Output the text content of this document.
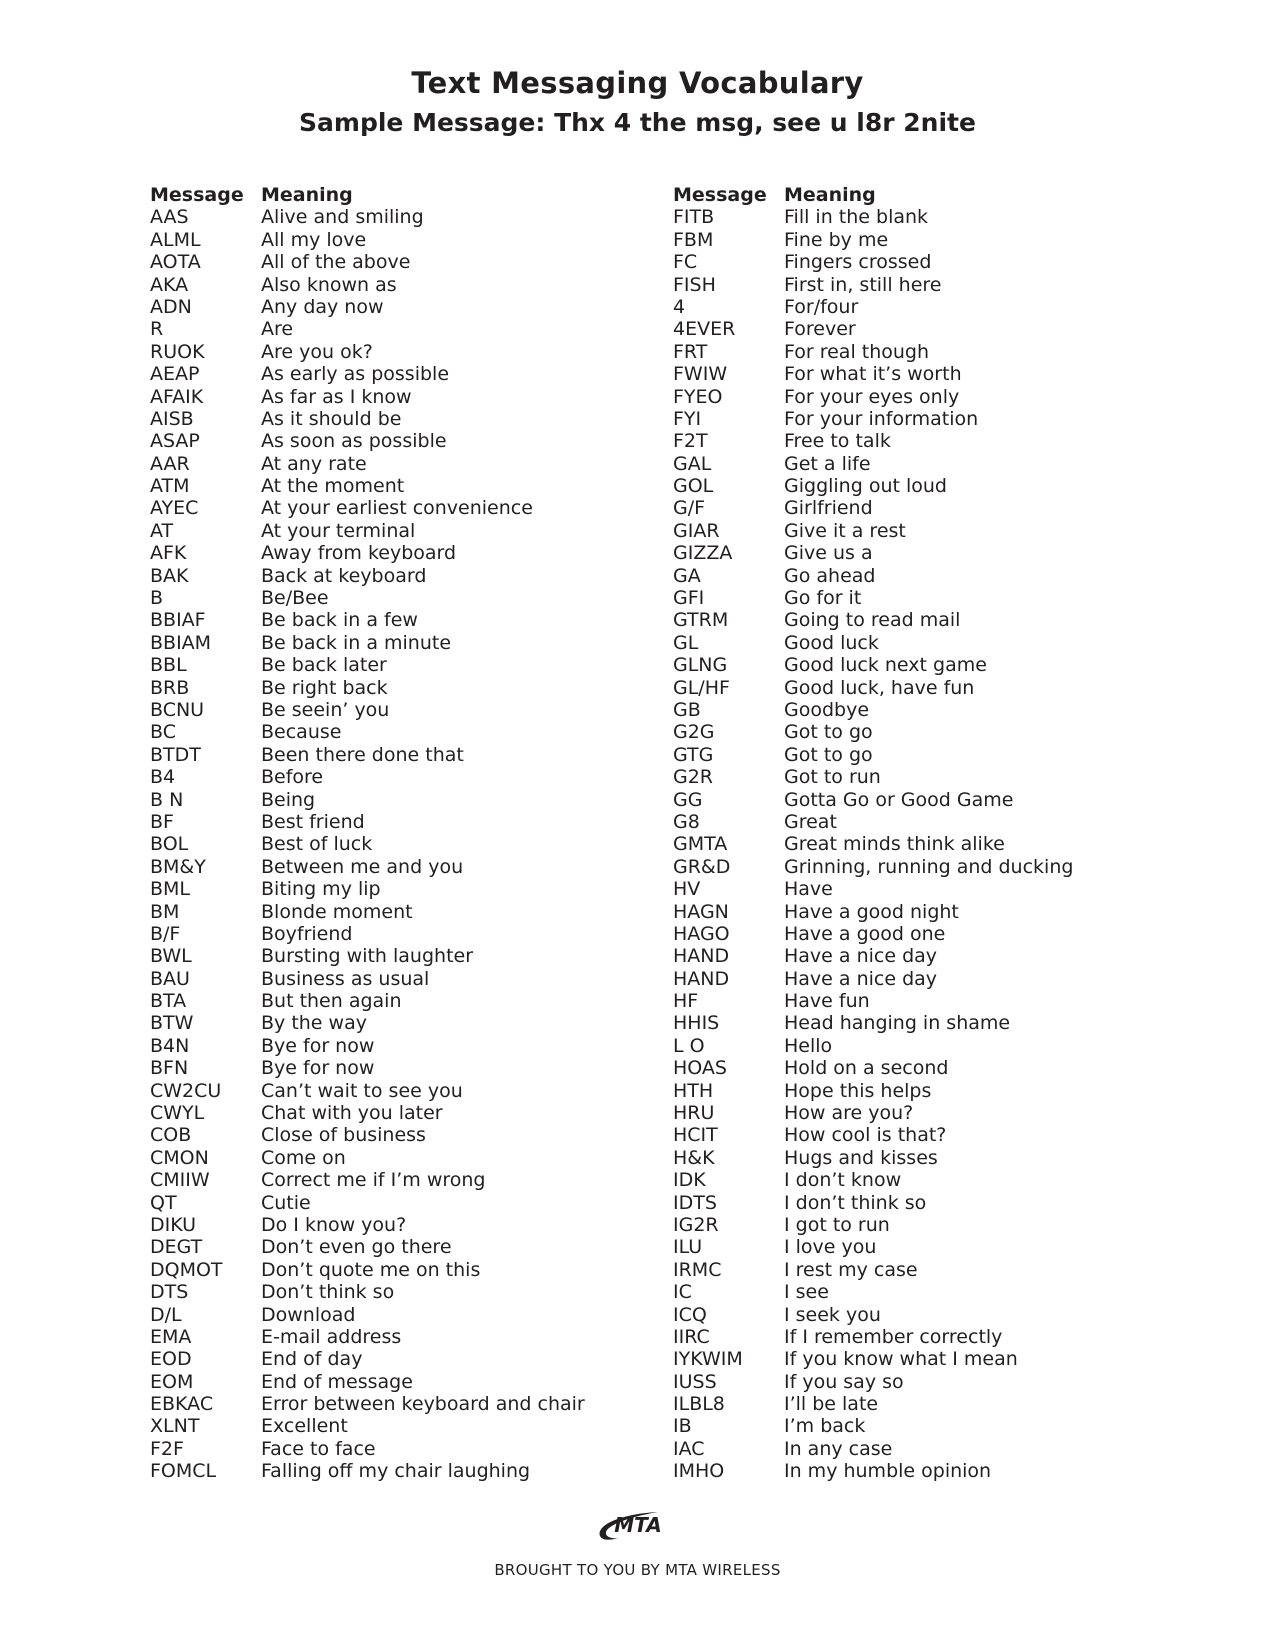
Text Messaging Vocabulary
Sample Message: Thx 4 the msg, see u l8r 2nite
Message Meaning
AAS	Alive and smiling
ALML	All my love
AOTA	All of the above
AKA	Also known as
ADN	Any day now
R	Are
RUOK	Are you ok?
AEAP	As early as possible
AFAIK	As far as I know
AISB	As it should be
ASAP	As soon as possible
AAR	At any rate
ATM	At the moment
AYEC	At your earliest convenience
AT	At your terminal
AFK	Away from keyboard
BAK	Back at keyboard
B	Be/Bee
BBIAF	Be back in a few
BBIAM	Be back in a minute
BBL	Be back later
BRB	Be right back
BCNU	Be seein’ you
BC	Because
BTDT	Been there done that
B4	Before
B N	Being
BF	Best friend
BOL	Best of luck
BM&Y	Between me and you
BML	Biting my lip
BM	Blonde moment
B/F	Boyfriend
BWL	Bursting with laughter
BAU	Business as usual
BTA	But then again
BTW	By the way
B4N	Bye for now
BFN	Bye for now
CW2CU Can’t wait to see you
CWYL	Chat with you later
COB	Close of business
CMON	Come on
CMIIW	Correct me if I’m wrong
QT	Cutie
DIKU	Do I know you?
DEGT	Don’t even go there
DQMOT Don’t quote me on this
DTS	Don’t think so
D/L	Download
EMA	E-mail address
EOD	End of day
EOM	End of message
EBKAC	Error between keyboard and chair
XLNT	Excellent
F2F	Face to face
FOMCL Falling off my chair laughing
Message Meaning
FITB	Fill in the blank
FBM	Fine by me
FC	Fingers crossed
FISH	First in, still here
4	For/four
4EVER	Forever
FRT	For real though
FWIW	For what it’s worth
FYEO	For your eyes only
FYI	For your information
F2T	Free to talk
GAL	Get a life
GOL	Giggling out loud
G/F	Girlfriend
GIAR	Give it a rest
GIZZA	Give us a
GA	Go ahead
GFI	Go for it
GTRM	Going to read mail
GL	Good luck
GLNG	Good luck next game
GL/HF	Good luck, have fun
GB	Goodbye
G2G	Got to go
GTG	Got to go
G2R	Got to run
GG	Gotta Go or Good Game
G8	Great
GMTA	Great minds think alike
GR&D	Grinning, running and ducking
HV	Have
HAGN	Have a good night
HAGO	Have a good one
HAND	Have a nice day
HAND	Have a nice day
HF	Have fun
HHIS	Head hanging in shame
L O	Hello
HOAS	Hold on a second
HTH	Hope this helps
HRU	How are you?
HCIT	How cool is that?
H&K	Hugs and kisses
IDK	I don’t know
IDTS	I don’t think so
IG2R	I got to run
ILU	I love you
IRMC	I rest my case
IC	I see
ICQ	I seek you
IIRC	If I remember correctly
IYKWIM If you know what I mean
IUSS	If you say so
ILBL8	I’ll be late
IB	I’m back
IAC	In any case
IMHO	In my humble opinion
MTA
BROUGHT TO YOU BY MTA WIRELESS
